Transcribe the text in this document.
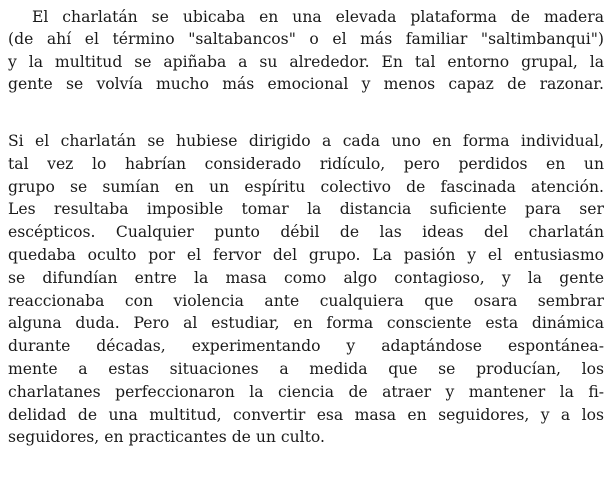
El charlatán se ubicaba en una elevada plataforma de madera
(de ahí el término "saltabancos" o el más familiar "saltimbanqui")
y la multitud se apiñaba a su alrededor. En tal entorno grupal, la
gente se volvía mucho más emocional y menos capaz de razonar.
Si el charlatán se hubiese dirigido a cada uno en forma individual,
tal vez lo habrían considerado ridículo, pero perdidos en un
grupo se sumían en un espíritu colectivo de fascinada atención.
Les resultaba imposible tomar la distancia suficiente para ser
escépticos. Cualquier punto débil de las ideas del charlatán
quedaba oculto por el fervor del grupo. La pasión y el entusiasmo
se difundían entre la masa como algo contagioso, y la gente
reaccionaba con violencia ante cualquiera que osara sembrar
alguna duda. Pero al estudiar, en forma consciente esta dinámica
durante décadas, experimentando y adaptándose espontánea-
mente a estas situaciones a medida que se producían, los
charlatanes perfeccionaron la ciencia de atraer y mantener la fi-
delidad de una multitud, convertir esa masa en seguidores, y a los
seguidores, en practicantes de un culto.
